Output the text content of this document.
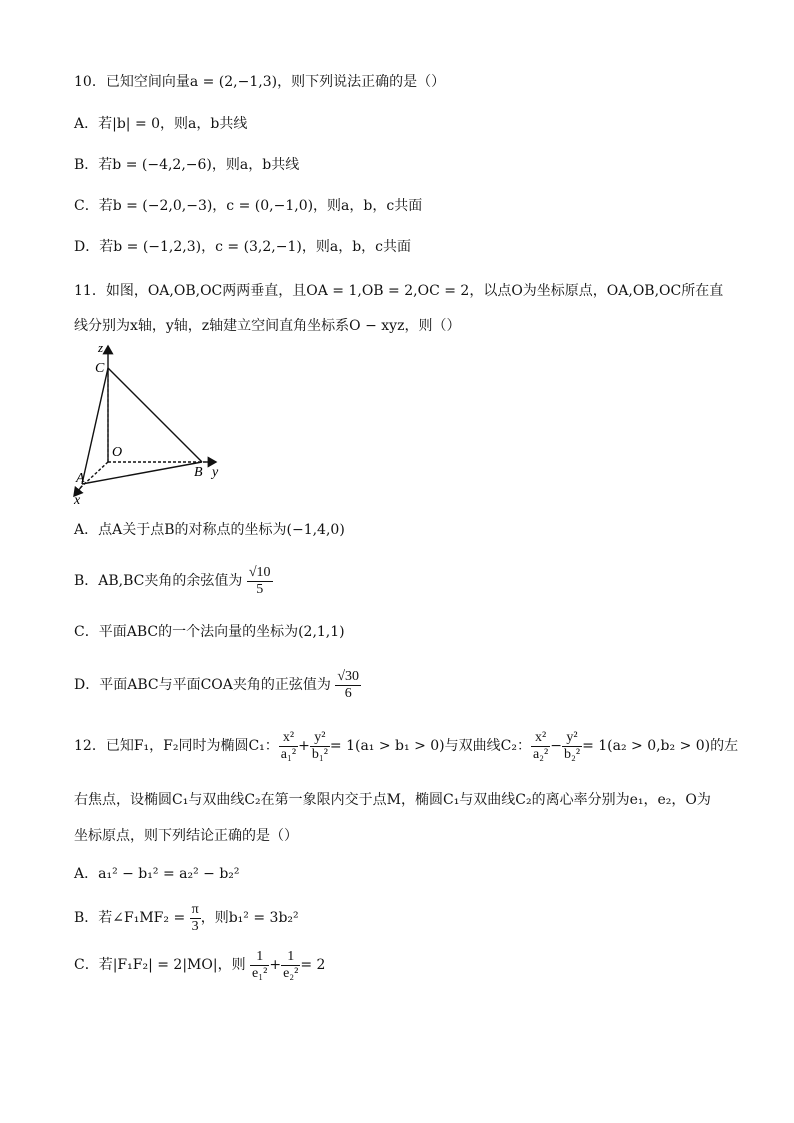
10．已知空间向量a = (2,−1,3)，则下列说法正确的是（）
A．若|b| = 0，则a，b共线
B．若b = (−4,2,−6)，则a，b共线
C．若b = (−2,0,−3)，c = (0,−1,0)，则a，b，c共面
D．若b = (−1,2,3)，c = (3,2,−1)，则a，b，c共面
11．如图，OA,OB,OC两两垂直，且OA = 1,OB = 2,OC = 2，以点O为坐标原点，OA,OB,OC所在直
线分别为x轴，y轴，z轴建立空间直角坐标系O − xyz，则（）
z
C
O
A	B y
x
A．点A关于点B的对称点的坐标为(−1,4,0)
B．AB,BC夹角的余弦值为 $\frac{√10}{5}$
C．平面ABC的一个法向量的坐标为(2,1,1)
D．平面ABC与平面COA夹角的正弦值为 $\frac{√30}{6}$
12．已知F₁，F₂同时为椭圆C₁： $\frac{\text{x²}}{\text{a₁²}} + \frac{\text{y²}}{\text{b₁²}} = 1(a_1 > b_1 > 0)$与双曲线C₂： $\frac{\text{x²}}{\text{a₂²}} - \frac{\text{y²}}{\text{b₂²}} = 1(a_2 > 0,b_2 > 0)$的左
右焦点，设椭圆C₁与双曲线C₂在第一象限内交于点M，椭圆C₁与双曲线C₂的离心率分别为e₁，e₂，O为
坐标原点，则下列结论正确的是（）
A．a₁² − b₁² = a₂² − b₂²
B．若∠F₁MF₂ = $\frac{\pi}{3}$ ，则b₁² = 3b₂²
C．若|F₁F₂| = 2|MO|，则 $\frac{1}{\text{e₁²}} + \frac{1}{\text{e₂²}} = 2$
